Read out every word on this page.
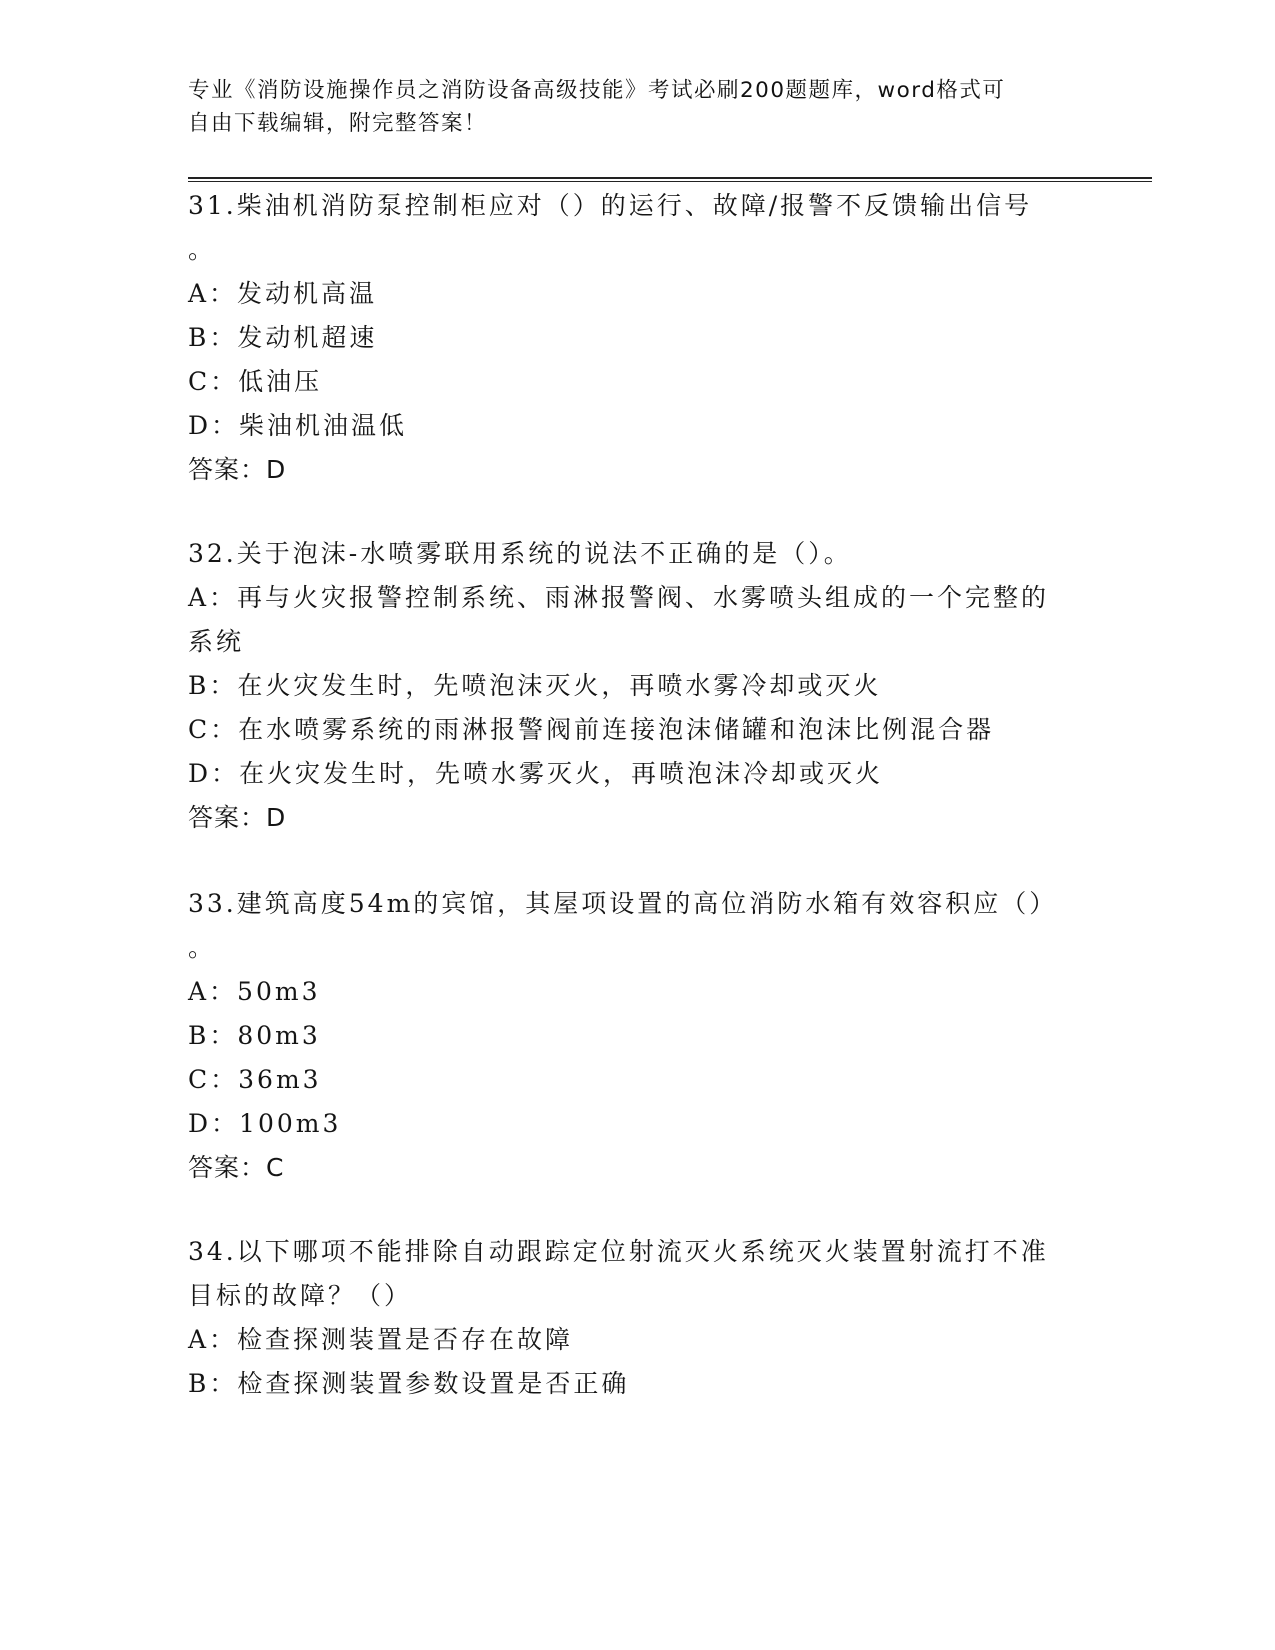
专业《消防设施操作员之消防设备高级技能》考试必刷200题题库，word格式可
自由下载编辑，附完整答案！
31.柴油机消防泵控制柜应对（）的运行、故障/报警不反馈输出信号
。
A：发动机高温
B：发动机超速
C：低油压
D：柴油机油温低
答案：D
32.关于泡沫-水喷雾联用系统的说法不正确的是（）。
A：再与火灾报警控制系统、雨淋报警阀、水雾喷头组成的一个完整的
系统
B：在火灾发生时，先喷泡沫灭火，再喷水雾冷却或灭火
C：在水喷雾系统的雨淋报警阀前连接泡沫储罐和泡沫比例混合器
D：在火灾发生时，先喷水雾灭火，再喷泡沫冷却或灭火
答案：D
33.建筑高度54m的宾馆，其屋项设置的高位消防水箱有效容积应（）
。
A：50m3
B：80m3
C：36m3
D：100m3
答案：C
34.以下哪项不能排除自动跟踪定位射流灭火系统灭火装置射流打不准
目标的故障？（）
A：检查探测装置是否存在故障
B：检查探测装置参数设置是否正确
